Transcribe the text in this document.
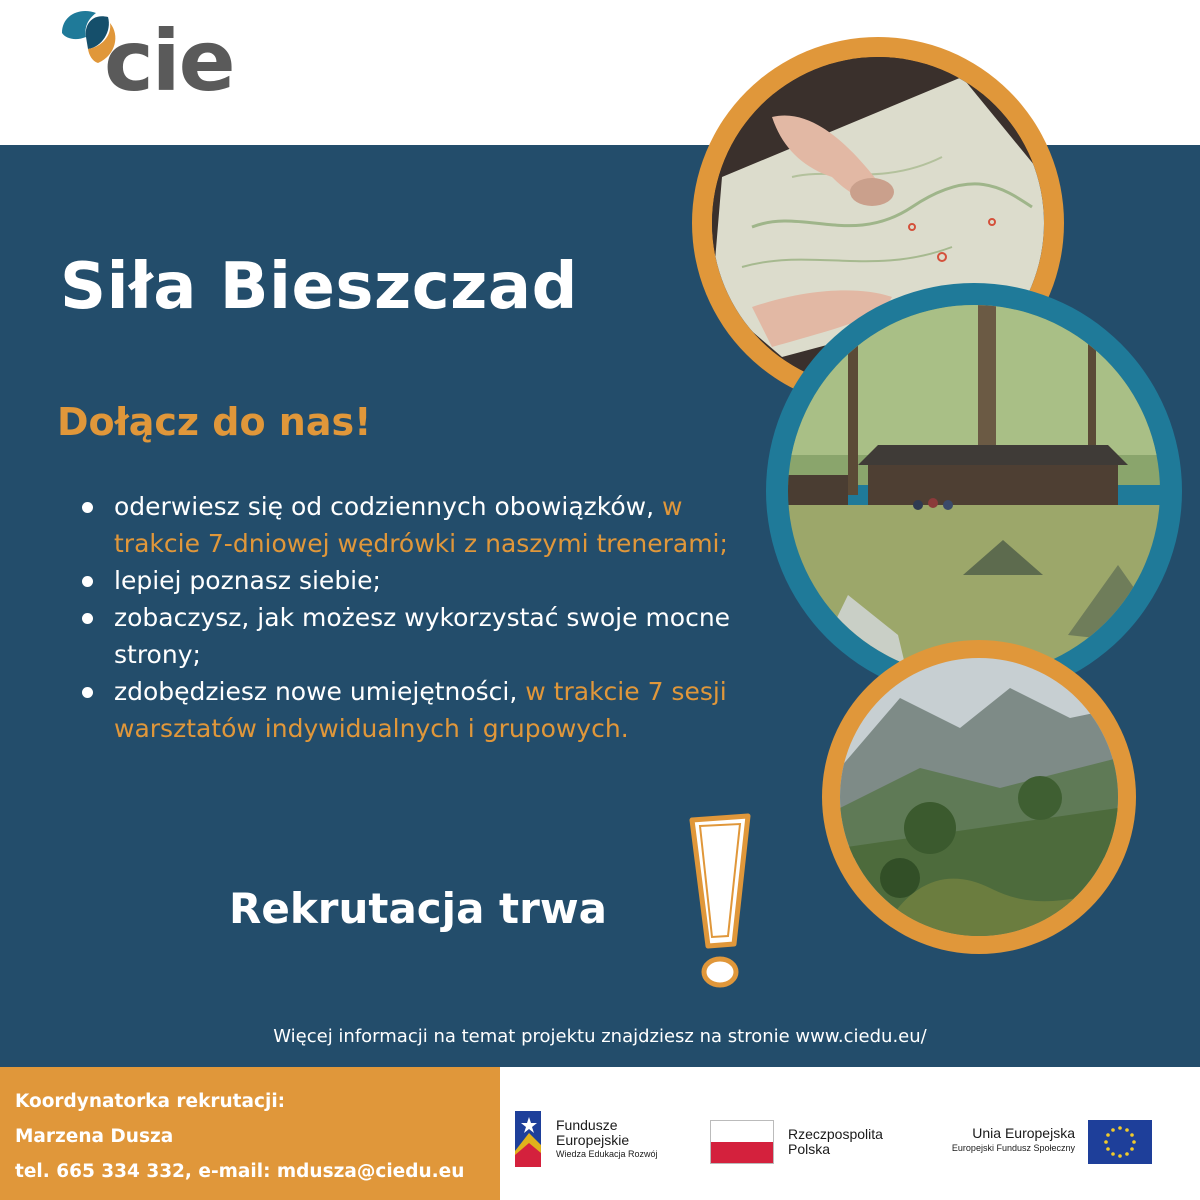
cie
Siła Bieszczad
Dołącz do nas!
oderwiesz się od codziennych obowiązków, w trakcie 7-dniowej wędrówki z naszymi trenerami;
lepiej poznasz siebie;
zobaczysz, jak możesz wykorzystać swoje mocne strony;
zdobędziesz nowe umiejętności, w trakcie 7 sesji warsztatów indywidualnych i grupowych.
Rekrutacja trwa
Więcej informacji na temat projektu znajdziesz na stronie www.ciedu.eu/
Koordynatorka rekrutacji:
Marzena Dusza
tel. 665 334 332, e-mail: mdusza@ciedu.eu
Fundusze
Europejskie
Wiedza Edukacja Rozwój
Rzeczpospolita
Polska
Unia Europejska
Europejski Fundusz Społeczny
